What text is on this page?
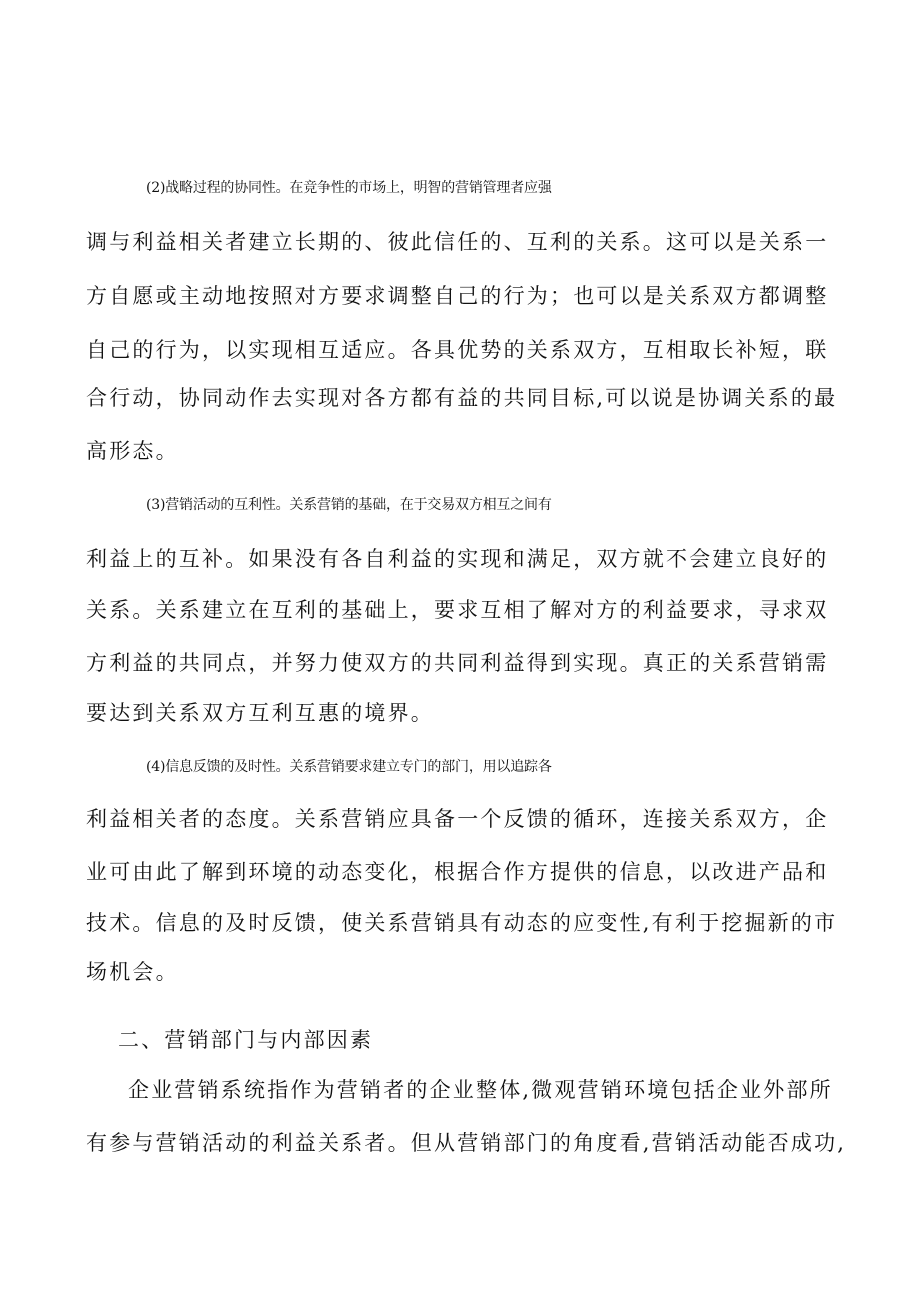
(2)战略过程的协同性。在竞争性的市场上，明智的营销管理者应强
调与利益相关者建立长期的、彼此信任的、互利的关系。这可以是关系一
方自愿或主动地按照对方要求调整自己的行为；也可以是关系双方都调整
自己的行为，以实现相互适应。各具优势的关系双方，互相取长补短，联
合行动，协同动作去实现对各方都有益的共同目标,可以说是协调关系的最
高形态。
(3)营销活动的互利性。关系营销的基础，在于交易双方相互之间有
利益上的互补。如果没有各自利益的实现和满足，双方就不会建立良好的
关系。关系建立在互利的基础上，要求互相了解对方的利益要求，寻求双
方利益的共同点，并努力使双方的共同利益得到实现。真正的关系营销需
要达到关系双方互利互惠的境界。
(4)信息反馈的及时性。关系营销要求建立专门的部门，用以追踪各
利益相关者的态度。关系营销应具备一个反馈的循环，连接关系双方，企
业可由此了解到环境的动态变化，根据合作方提供的信息，以改进产品和
技术。信息的及时反馈，使关系营销具有动态的应变性,有利于挖掘新的市
场机会。
二、营销部门与内部因素
企业营销系统指作为营销者的企业整体,微观营销环境包括企业外部所
有参与营销活动的利益关系者。但从营销部门的角度看,营销活动能否成功,
